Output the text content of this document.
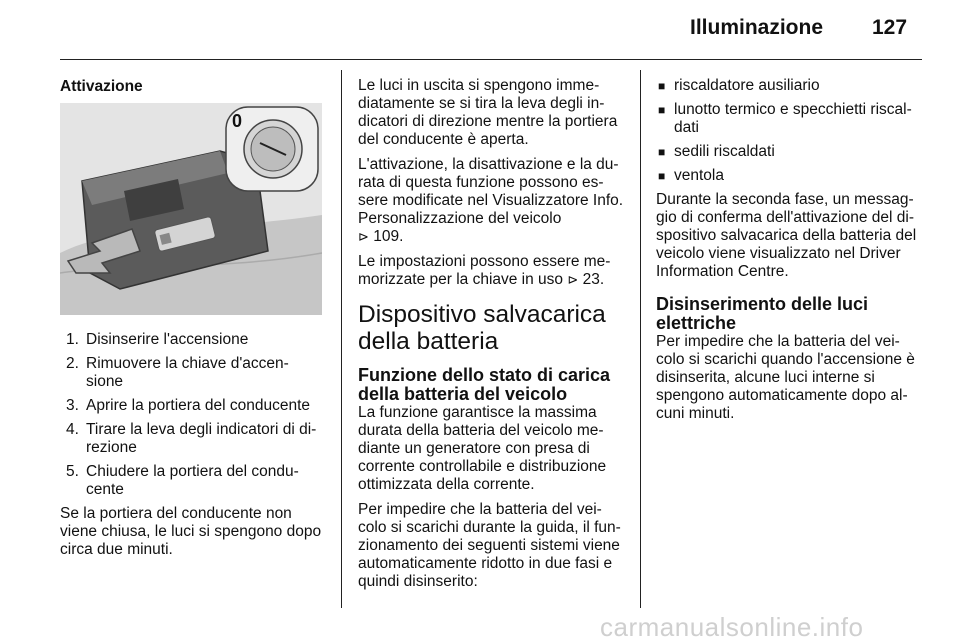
Illuminazione 127

Attivazione

0
1. Disinserire l'accensione
2. Rimuovere la chiave d'accen-sione
3. Aprire la portiera del conducente
4. Tirare la leva degli indicatori di di-rezione
5. Chiudere la portiera del condu-cente

Se la portiera del conducente non viene chiusa, le luci si spengono dopo circa due minuti.

Le luci in uscita si spengono imme-diatamente se si tira la leva degli in-dicatori di direzione mentre la portiera del conducente è aperta.

L'attivazione, la disattivazione e la du-rata di questa funzione possono es-sere modificate nel Visualizzatore Info. Personalizzazione del veicolo
⊳ 109.

Le impostazioni possono essere me-morizzate per la chiave in uso ⊳ 23.

Dispositivo salvacarica della batteria
Funzione dello stato di carica della batteria del veicolo

La funzione garantisce la massima durata della batteria del veicolo me-diante un generatore con presa di corrente controllabile e distribuzione ottimizzata della corrente.

Per impedire che la batteria del vei-colo si scarichi durante la guida, il fun-zionamento dei seguenti sistemi viene automaticamente ridotto in due fasi e quindi disinserito:

■ riscaldatore ausiliario
■ lunotto termico e specchietti riscal-dati
■ sedili riscaldati
■ ventola

Durante la seconda fase, un messag-gio di conferma dell'attivazione del di-spositivo salvacarica della batteria del veicolo viene visualizzato nel Driver Information Centre.

Disinserimento delle luci elettriche

Per impedire che la batteria del vei-colo si scarichi quando l'accensione è disinserita, alcune luci interne si spengono automaticamente dopo al-cuni minuti.

carmanualsonline.info
